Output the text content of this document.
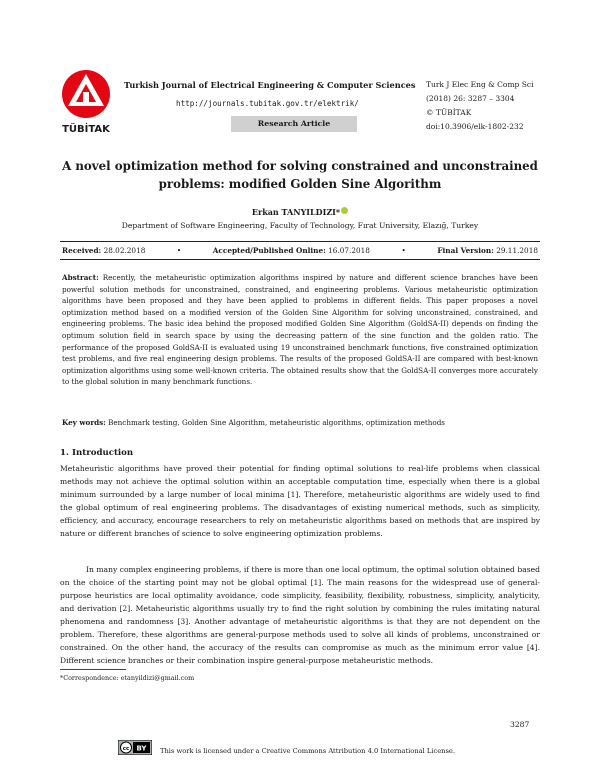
TÜBİTAK
Turkish Journal of Electrical Engineering & Computer Sciences
http://journals.tubitak.gov.tr/elektrik/
Research Article
Turk J Elec Eng & Comp Sci
(2018) 26: 3287 – 3304
© TÜBİTAK
doi:10.3906/elk-1802-232
A novel optimization method for solving constrained and unconstrained
problems: modified Golden Sine Algorithm
Erkan TANYILDIZI*
Department of Software Engineering, Faculty of Technology, Fırat University, Elazığ, Turkey
Received: 28.02.2018	•	Accepted/Published Online: 16.07.2018	•	Final Version: 29.11.2018
Abstract: Recently, the metaheuristic optimization algorithms inspired by nature and different science branches have been powerful solution methods for unconstrained, constrained, and engineering problems. Various metaheuristic optimization algorithms have been proposed and they have been applied to problems in different fields. This paper proposes a novel optimization method based on a modified version of the Golden Sine Algorithm for solving unconstrained, constrained, and engineering problems. The basic idea behind the proposed modified Golden Sine Algorithm (GoldSA-II) depends on finding the optimum solution field in search space by using the decreasing pattern of the sine function and the golden ratio. The performance of the proposed GoldSA-II is evaluated using 19 unconstrained benchmark functions, five constrained optimization test problems, and five real engineering design problems. The results of the proposed GoldSA-II are compared with best-known optimization algorithms using some well-known criteria. The obtained results show that the GoldSA-II converges more accurately to the global solution in many benchmark functions.
Key words: Benchmark testing, Golden Sine Algorithm, metaheuristic algorithms, optimization methods
1. Introduction
Metaheuristic algorithms have proved their potential for finding optimal solutions to real-life problems when classical methods may not achieve the optimal solution within an acceptable computation time, especially when there is a global minimum surrounded by a large number of local minima [1]. Therefore, metaheuristic algorithms are widely used to find the global optimum of real engineering problems. The disadvantages of existing numerical methods, such as simplicity, efficiency, and accuracy, encourage researchers to rely on metaheuristic algorithms based on methods that are inspired by nature or different branches of science to solve engineering optimization problems.
In many complex engineering problems, if there is more than one local optimum, the optimal solution obtained based on the choice of the starting point may not be global optimal [1]. The main reasons for the widespread use of general-purpose heuristics are local optimality avoidance, code simplicity, feasibility, flexibility, robustness, simplicity, analyticity, and derivation [2]. Metaheuristic algorithms usually try to find the right solution by combining the rules imitating natural phenomena and randomness [3]. Another advantage of metaheuristic algorithms is that they are not dependent on the problem. Therefore, these algorithms are general-purpose methods used to solve all kinds of problems, unconstrained or constrained. On the other hand, the accuracy of the results can compromise as much as the minimum error value [4]. Different science branches or their combination inspire general-purpose metaheuristic methods.
*Correspondence: etanyildizi@gmail.com
3287
cc BY This work is licensed under a Creative Commons Attribution 4.0 International License.
